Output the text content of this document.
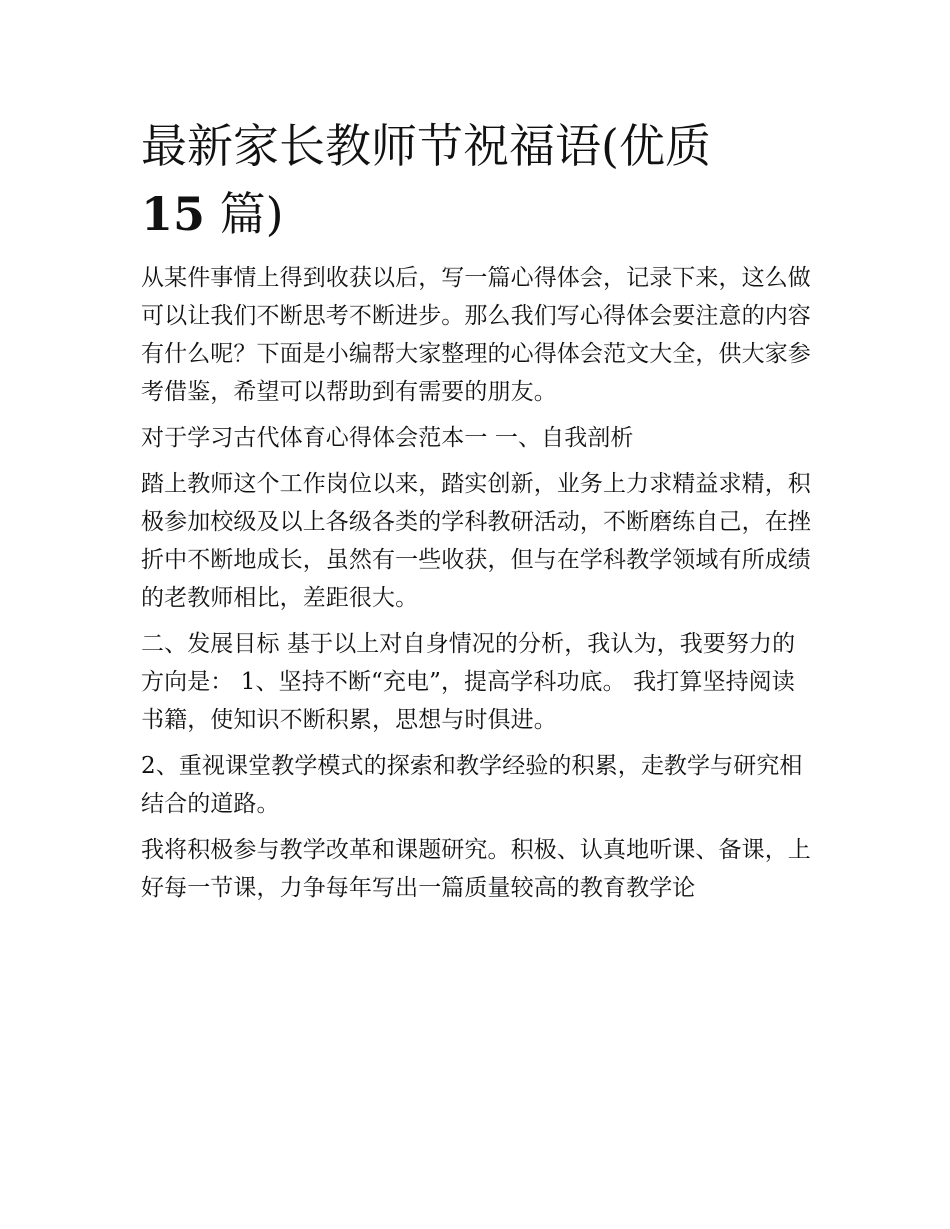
最新家长教师节祝福语(优质
15 篇)

从某件事情上得到收获以后，写一篇心得体会，记录下来，这么做可以让我们不断思考不断进步。那么我们写心得体会要注意的内容有什么呢？下面是小编帮大家整理的心得体会范文大全，供大家参考借鉴，希望可以帮助到有需要的朋友。

对于学习古代体育心得体会范本一 一、自我剖析

踏上教师这个工作岗位以来，踏实创新，业务上力求精益求精，积极参加校级及以上各级各类的学科教研活动，不断磨练自己，在挫折中不断地成长，虽然有一些收获，但与在学科教学领域有所成绩的老教师相比，差距很大。

二、发展目标 基于以上对自身情况的分析，我认为，我要努力的方向是： 1、坚持不断“充电”，提高学科功底。 我打算坚持阅读书籍，使知识不断积累，思想与时俱进。

2、重视课堂教学模式的探索和教学经验的积累，走教学与研究相结合的道路。

我将积极参与教学改革和课题研究。积极、认真地听课、备课，上好每一节课，力争每年写出一篇质量较高的教育教学论
